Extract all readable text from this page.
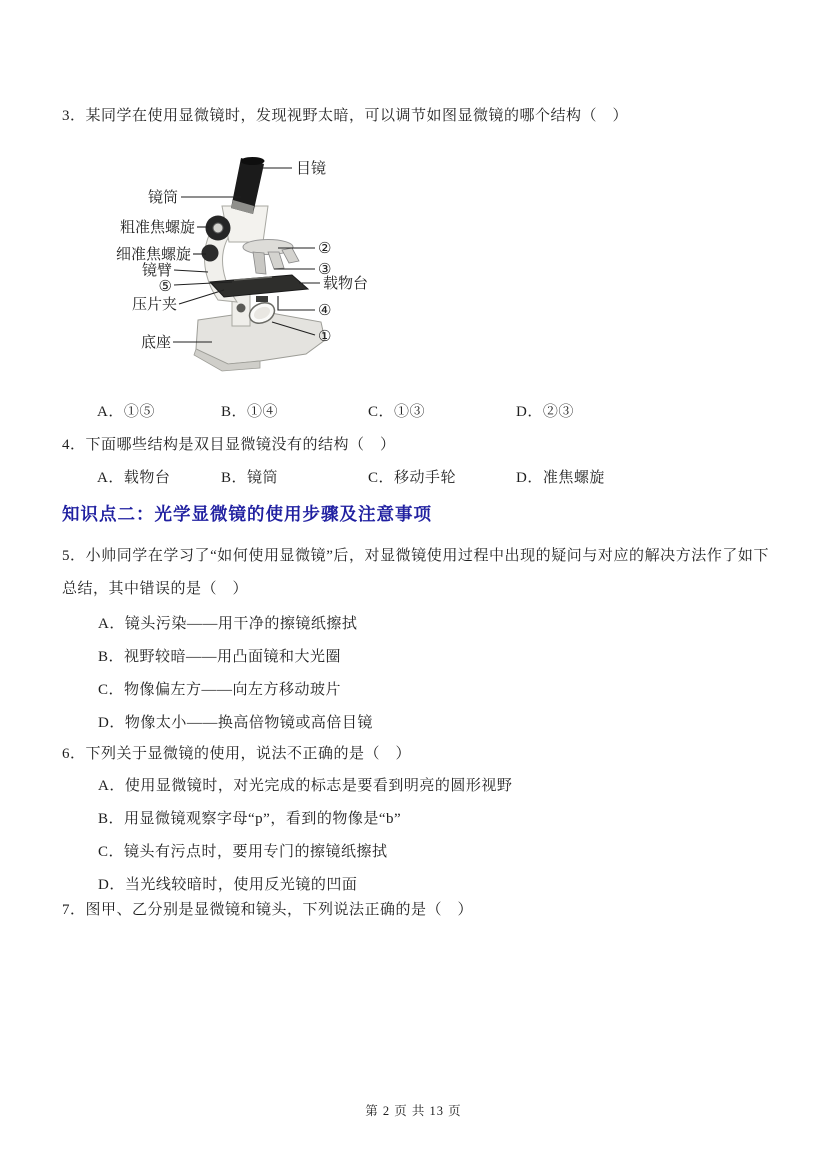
3．某同学在使用显微镜时，发现视野太暗，可以调节如图显微镜的哪个结构（　）
镜筒
粗准焦螺旋
细准焦螺旋
镜臂
⑤
压片夹
底座
目镜
②
③
载物台
④
①
A．①⑤	B．①④	C．①③	D．②③
4．下面哪些结构是双目显微镜没有的结构（　）
A．载物台	B．镜筒	C．移动手轮	D．准焦螺旋
知识点二：光学显微镜的使用步骤及注意事项
5．小帅同学在学习了“如何使用显微镜”后，对显微镜使用过程中出现的疑问与对应的解决方法作了如下总结，其中错误的是（　）
A．镜头污染——用干净的擦镜纸擦拭
B．视野较暗——用凸面镜和大光圈
C．物像偏左方——向左方移动玻片
D．物像太小——换高倍物镜或高倍目镜
6．下列关于显微镜的使用，说法不正确的是（　）
A．使用显微镜时，对光完成的标志是要看到明亮的圆形视野
B．用显微镜观察字母“p”，看到的物像是“b”
C．镜头有污点时，要用专门的擦镜纸擦拭
D．当光线较暗时，使用反光镜的凹面
7．图甲、乙分别是显微镜和镜头，下列说法正确的是（　）
第 2 页 共 13 页
